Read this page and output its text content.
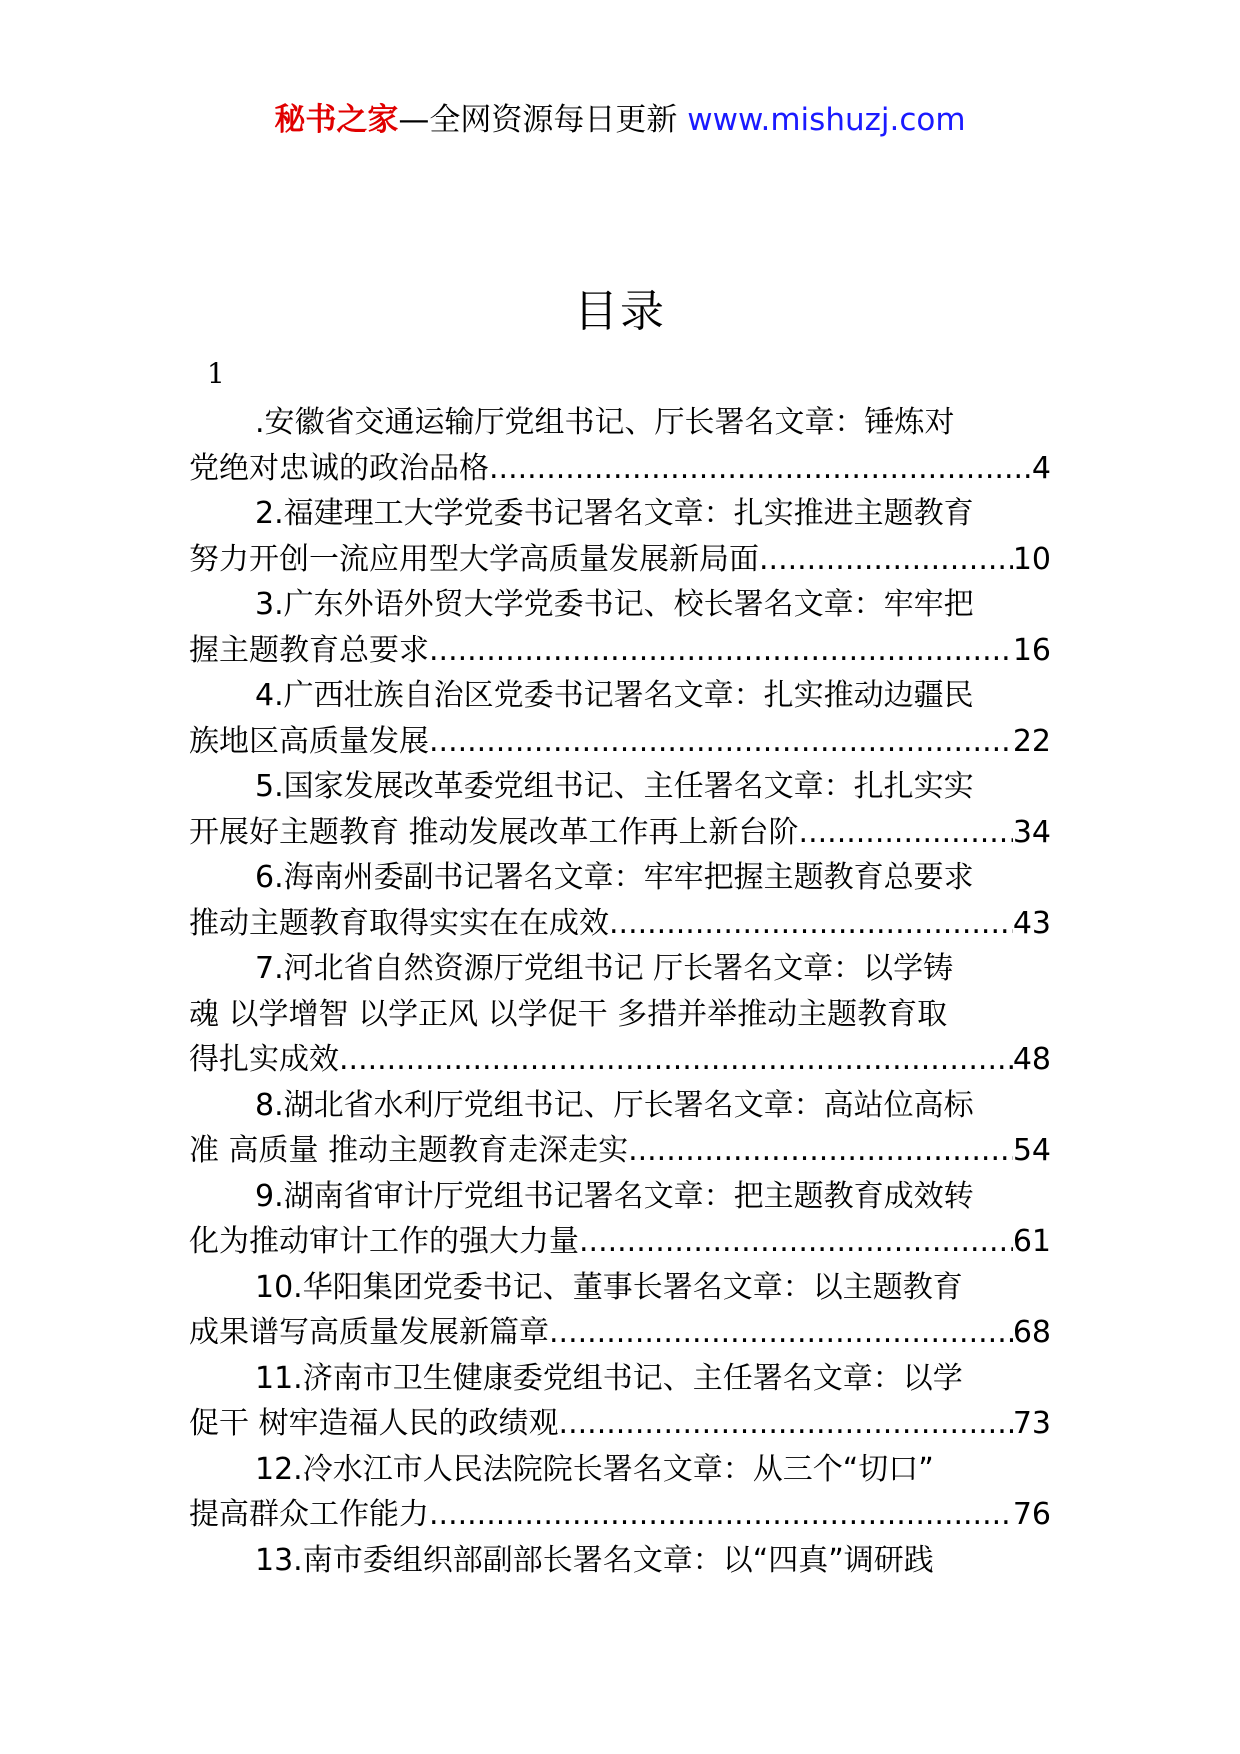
秘书之家—全网资源每日更新 www.mishuzj.com
目录
1
.安徽省交通运输厅党组书记、厅长署名文章：锤炼对
党绝对忠诚的政治品格 .....	4
2.福建理工大学党委书记署名文章：扎实推进主题教育
努力开创一流应用型大学高质量发展新局面 .....	10
3.广东外语外贸大学党委书记、校长署名文章：牢牢把
握主题教育总要求 .....	16
4.广西壮族自治区党委书记署名文章：扎实推动边疆民
族地区高质量发展 .....	22
5.国家发展改革委党组书记、主任署名文章：扎扎实实
开展好主题教育 推动发展改革工作再上新台阶 .....	34
6.海南州委副书记署名文章：牢牢把握主题教育总要求
推动主题教育取得实实在在成效 .....	43
7.河北省自然资源厅党组书记 厅长署名文章：以学铸
魂 以学增智 以学正风 以学促干 多措并举推动主题教育取
得扎实成效 .....	48
8.湖北省水利厅党组书记、厅长署名文章：高站位高标
准 高质量 推动主题教育走深走实 .....	54
9.湖南省审计厅党组书记署名文章：把主题教育成效转
化为推动审计工作的强大力量 .....	61
10.华阳集团党委书记、董事长署名文章：以主题教育
成果谱写高质量发展新篇章 .....	68
11.济南市卫生健康委党组书记、主任署名文章：以学
促干 树牢造福人民的政绩观 .....	73
12.冷水江市人民法院院长署名文章：从三个“切口”
提高群众工作能力 .....	76
13.南市委组织部副部长署名文章：以“四真”调研践
